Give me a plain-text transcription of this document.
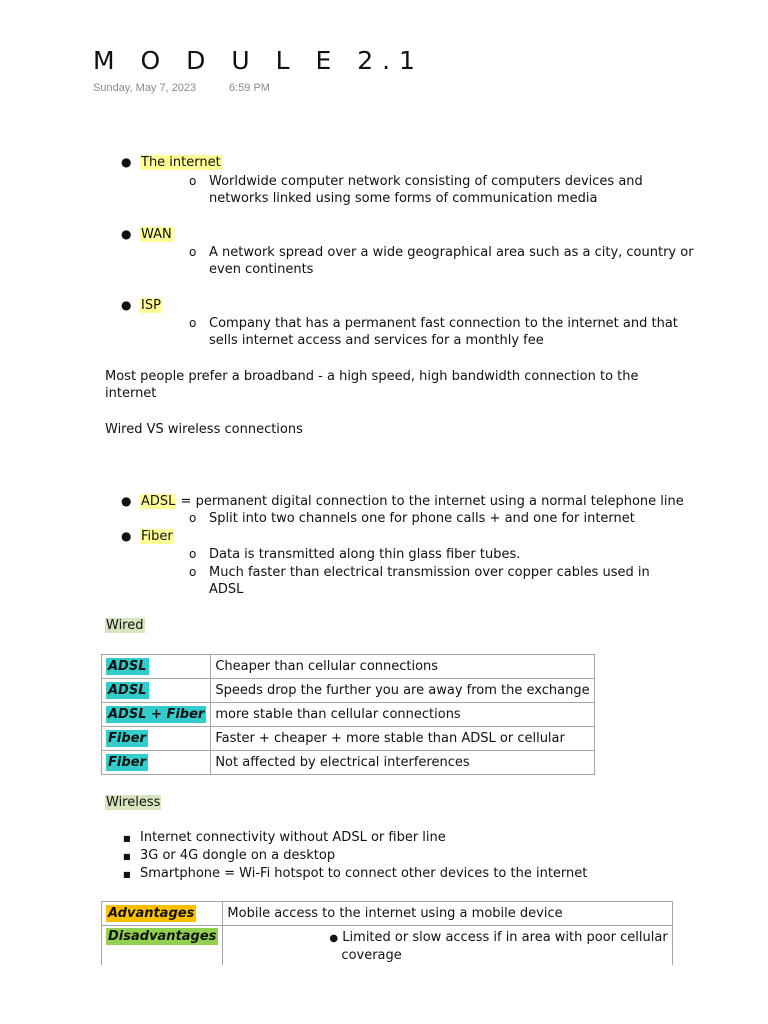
M O D U L E 2.1
Sunday, May 7, 2023	6:59 PM
● The internet
o Worldwide computer network consisting of computers devices and
networks linked using some forms of communication media
● WAN
o A network spread over a wide geographical area such as a city, country or
even continents
● ISP
o Company that has a permanent fast connection to the internet and that
sells internet access and services for a monthly fee
Most people prefer a broadband - a high speed, high bandwidth connection to the
internet
Wired VS wireless connections
● ADSL = permanent digital connection to the internet using a normal telephone line
o Split into two channels one for phone calls + and one for internet
● Fiber
o Data is transmitted along thin glass fiber tubes.
o Much faster than electrical transmission over copper cables used in
ADSL
Wired
ADSL	Cheaper than cellular connections
ADSL	Speeds drop the further you are away from the exchange
ADSL + Fiber	more stable than cellular connections
Fiber	Faster + cheaper + more stable than ADSL or cellular
Fiber	Not affected by electrical interferences
Wireless
■ Internet connectivity without ADSL or fiber line
■ 3G or 4G dongle on a desktop
■ Smartphone = Wi-Fi hotspot to connect other devices to the internet
Advantages	Mobile access to the internet using a mobile device
Disadvantages	● Limited or slow access if in area with poor cellular
coverage
